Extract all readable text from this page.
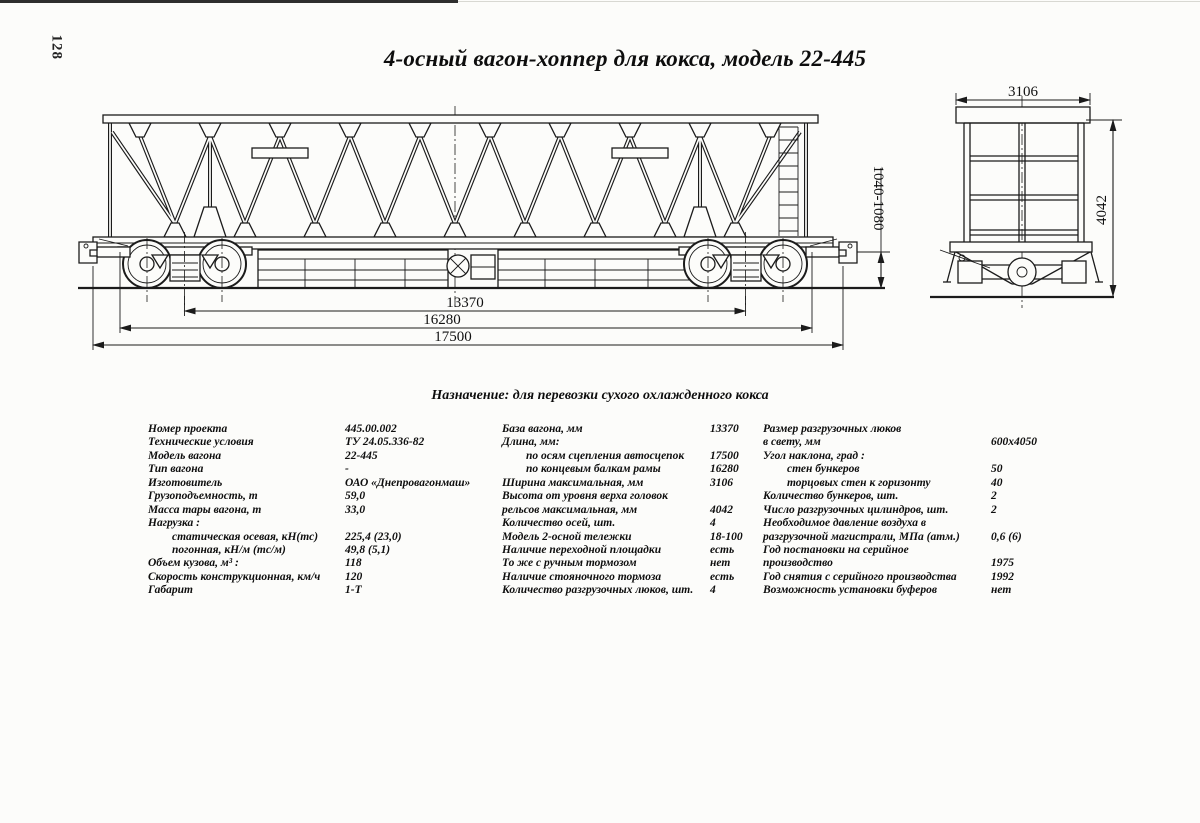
128	4-осный вагон-хоппер для кокса, модель 22-445
13370
16280
17500
1040-1080
3106
4042
Назначение: для перевозки сухого охлажденного кокса
Номер проекта	445.00.002
Технические условия	ТУ 24.05.336-82
Модель вагона	22-445
Тип вагона	-
Изготовитель	ОАО «Днепровагонмаш»
Грузоподъемность, т	59,0
Масса тары вагона, т	33,0
Нагрузка :
статическая осевая, кН(тс) 225,4 (23,0)
погонная, кН/м (тс/м)	49,8 (5,1)
Объем кузова, м³ :	118
Скорость конструкционная, км/ч 120
Габарит	1-Т
База вагона, мм	13370
Длина, мм:
по осям сцепления автосцепок 17500
по концевым балкам рамы	16280
Ширина максимальная, мм	3106
Высота от уровня верха головок
рельсов максимальная, мм	4042
Количество осей, шт.	4
Модель 2-осной тележки	18-100
Наличие переходной площадки	есть
То же с ручным тормозом	нет
Наличие стояночного тормоза	есть
Количество разгрузочных люков, шт. 4
Размер разгрузочных люков
в свету, мм	600x4050
Угол наклона, град :
стен бункеров	50
торцовых стен к горизонту	40
Количество бункеров, шт.	2
Число разгрузочных цилиндров, шт.	2
Необходимое давление воздуха в
разгрузочной магистрали, МПа (атм.)	0,6 (6)
Год постановки на серийное
производство	1975
Год снятия с серийного производства	1992
Возможность установки буферов	нет
